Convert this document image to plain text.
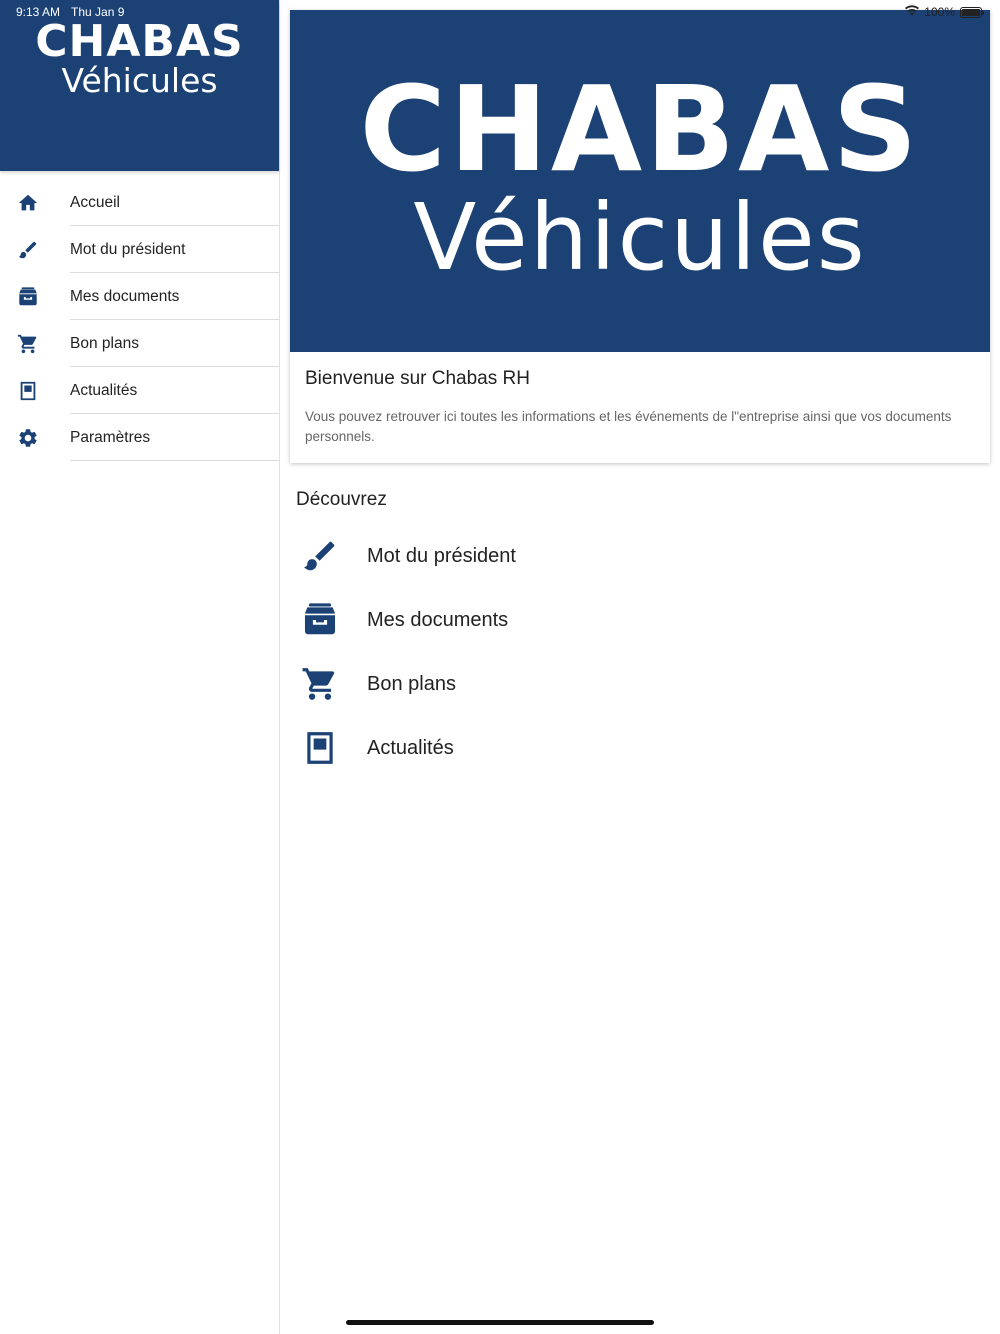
9:13 AM Thu Jan 9	100%
CHABAS
Véhicules
Accueil
Mot du président
Mes documents
Bon plans
Actualités
Paramètres
CHABAS
Véhicules
Bienvenue sur Chabas RH
Vous pouvez retrouver ici toutes les informations et les événements de l"entreprise ainsi que vos documents personnels.
Découvrez
Mot du président
Mes documents
Bon plans
Actualités
